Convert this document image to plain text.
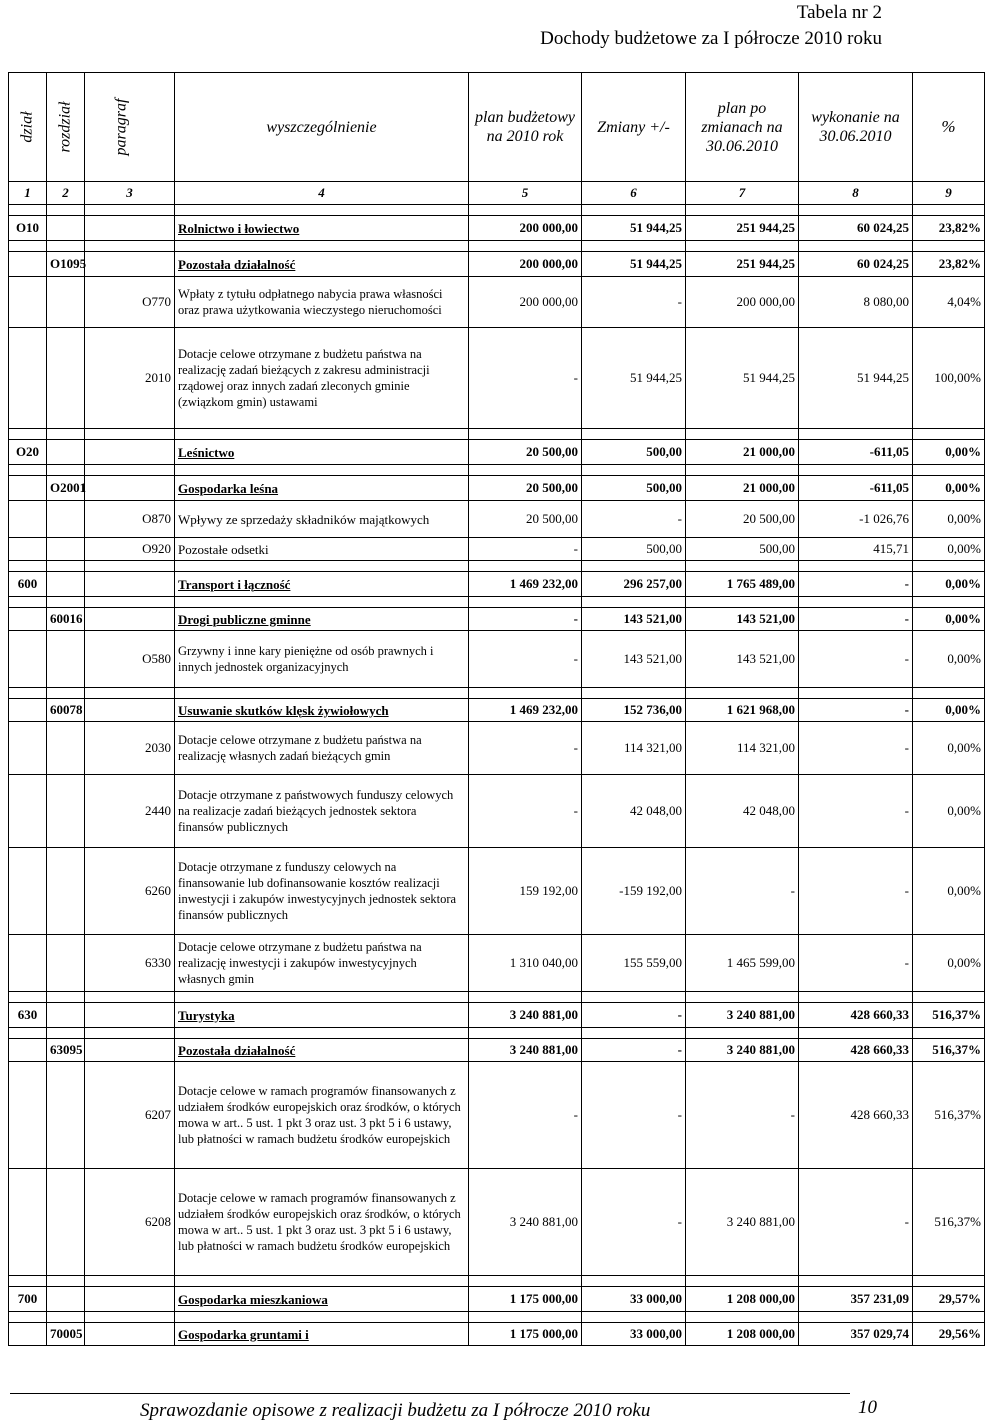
Tabela nr 2
Dochody budżetowe za I półrocze 2010 roku
dział	rozdział	paragraf	wyszczególnienie	plan budżetowy na 2010 rok	Zmiany +/-	plan po zmianach na 30.06.2010	wykonanie na 30.06.2010	%
1	2	3	4	5	6	7	8	9

O10			Rolnictwo i łowiectwo	200 000,00	51 944,25	251 944,25	60 024,25	23,82%

	O1095		Pozostała działalność	200 000,00	51 944,25	251 944,25	60 024,25	23,82%
		O770	Wpłaty z tytułu odpłatnego nabycia prawa własności oraz prawa użytkowania wieczystego nieruchomości	200 000,00	-	200 000,00	8 080,00	4,04%
		2010	Dotacje celowe otrzymane z budżetu państwa na realizację zadań bieżących z zakresu administracji rządowej oraz innych zadań zleconych gminie (związkom gmin) ustawami	-	51 944,25	51 944,25	51 944,25	100,00%

O20			Leśnictwo	20 500,00	500,00	21 000,00	-611,05	0,00%

	O2001		Gospodarka leśna	20 500,00	500,00	21 000,00	-611,05	0,00%
		O870	Wpływy ze sprzedaży składników majątkowych	20 500,00	-	20 500,00	-1 026,76	0,00%
		O920	Pozostałe odsetki	-	500,00	500,00	415,71	0,00%

600			Transport i łączność	1 469 232,00	296 257,00	1 765 489,00	-	0,00%

	60016		Drogi publiczne gminne	-	143 521,00	143 521,00	-	0,00%
		O580	Grzywny i inne kary pieniężne od osób prawnych i innych jednostek organizacyjnych	-	143 521,00	143 521,00	-	0,00%

	60078		Usuwanie skutków klęsk żywiołowych	1 469 232,00	152 736,00	1 621 968,00	-	0,00%
		2030	Dotacje celowe otrzymane z budżetu państwa na realizację własnych zadań bieżących gmin	-	114 321,00	114 321,00	-	0,00%
		2440	Dotacje otrzymane z państwowych funduszy celowych na realizacje zadań bieżących jednostek sektora finansów publicznych	-	42 048,00	42 048,00	-	0,00%
		6260	Dotacje otrzymane z funduszy celowych na finansowanie lub dofinansowanie kosztów realizacji inwestycji i zakupów inwestycyjnych jednostek sektora finansów publicznych	159 192,00	-159 192,00	-	-	0,00%
		6330	Dotacje celowe otrzymane z budżetu państwa na realizację inwestycji i zakupów inwestycyjnych własnych gmin	1 310 040,00	155 559,00	1 465 599,00	-	0,00%

630			Turystyka	3 240 881,00	-	3 240 881,00	428 660,33	516,37%

	63095		Pozostała działalność	3 240 881,00	-	3 240 881,00	428 660,33	516,37%
		6207	Dotacje celowe w ramach programów finansowanych z udziałem środków europejskich oraz środków, o których mowa w art.. 5 ust. 1 pkt 3 oraz ust. 3 pkt 5 i 6 ustawy, lub płatności w ramach budżetu środków europejskich	-	-	-	428 660,33	516,37%
		6208	Dotacje celowe w ramach programów finansowanych z udziałem środków europejskich oraz środków, o których mowa w art.. 5 ust. 1 pkt 3 oraz ust. 3 pkt 5 i 6 ustawy, lub płatności w ramach budżetu środków europejskich	3 240 881,00	-	3 240 881,00	-	516,37%

700			Gospodarka mieszkaniowa	1 175 000,00	33 000,00	1 208 000,00	357 231,09	29,57%

	70005		Gospodarka gruntami i	1 175 000,00	33 000,00	1 208 000,00	357 029,74	29,56%
Sprawozdanie opisowe z realizacji budżetu za I półrocze 2010 roku	10
